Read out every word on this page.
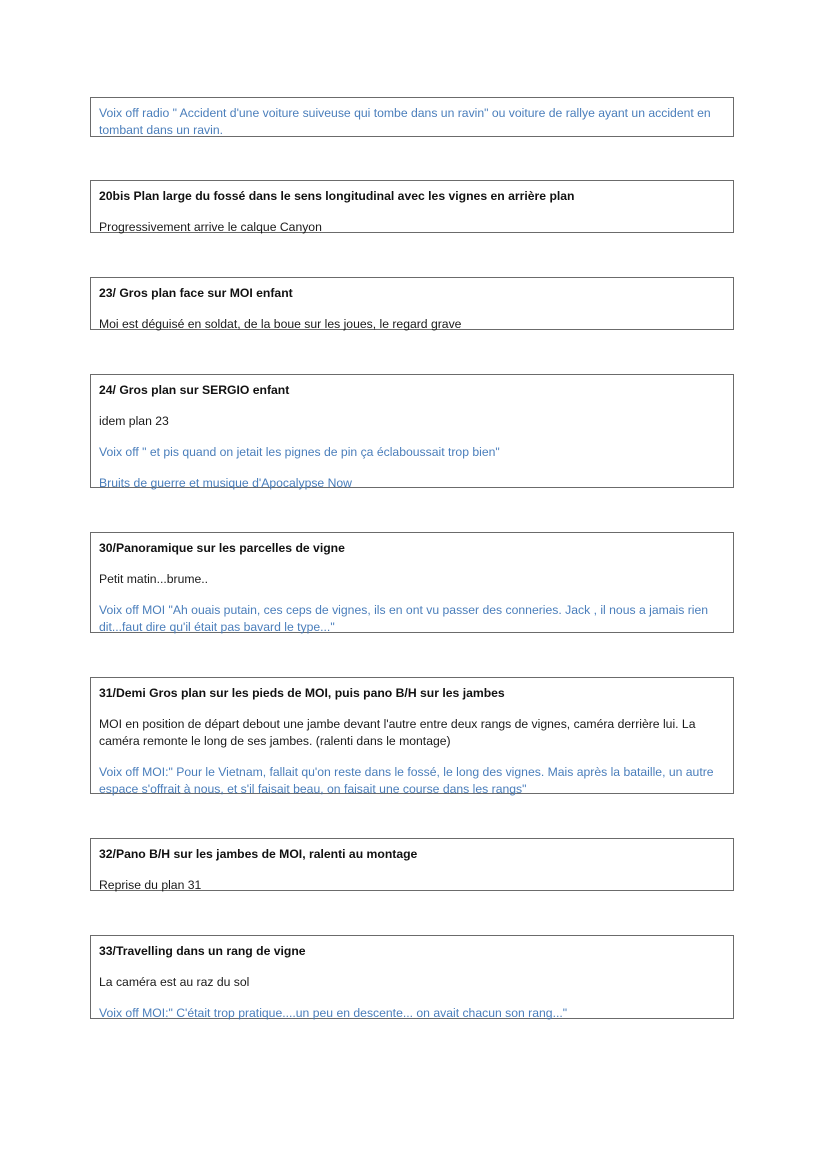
Voix off radio " Accident d'une voiture suiveuse qui tombe dans un ravin" ou voiture de rallye ayant un accident en tombant dans un ravin.
20bis Plan large du fossé dans le sens longitudinal avec les vignes en arrière plan
Progressivement arrive le calque Canyon
23/ Gros plan face sur MOI enfant
Moi est déguisé en soldat, de la boue sur les joues, le regard grave
24/ Gros plan sur SERGIO enfant
idem plan 23
Voix off " et pis quand on jetait les pignes de pin ça éclaboussait trop bien"
Bruits de guerre et musique d'Apocalypse Now
30/Panoramique sur les parcelles de vigne
Petit matin...brume..
Voix off MOI "Ah ouais putain, ces ceps de vignes, ils en ont vu passer des conneries. Jack , il nous a jamais rien dit...faut dire qu'il était pas bavard le type..."
31/Demi Gros plan sur les pieds de MOI, puis pano B/H sur les jambes
MOI en position de départ debout une jambe devant l'autre entre deux rangs de vignes, caméra derrière lui. La caméra remonte le long de ses jambes. (ralenti dans le montage)
Voix off MOI:" Pour le Vietnam, fallait qu'on reste dans le fossé, le long des vignes. Mais après la bataille, un autre espace s'offrait à nous, et s'il faisait beau, on faisait une course dans les rangs"
32/Pano B/H sur les jambes de MOI, ralenti au montage
Reprise du plan 31
33/Travelling dans un rang de vigne
La caméra est au raz du sol
Voix off MOI:" C'était trop pratique....un peu en descente... on avait chacun son rang..."
